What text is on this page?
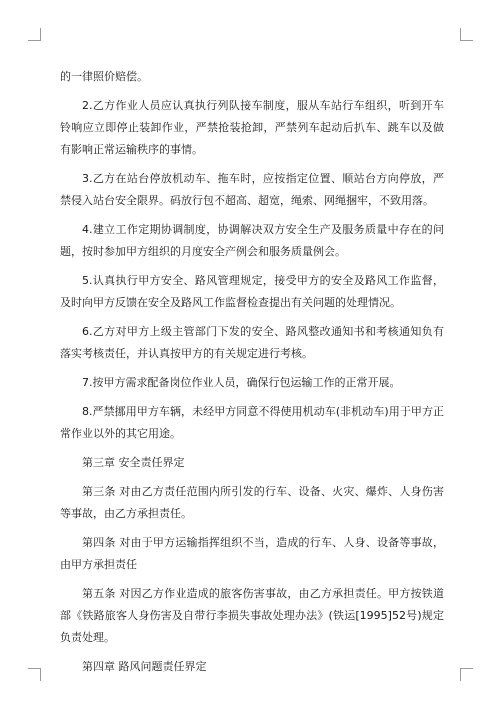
的一律照价赔偿。

2.乙方作业人员应认真执行列队接车制度，服从车站行车组织，听到开车铃响应立即停止装卸作业，严禁抢装抢卸，严禁列车起动后扒车、跳车以及做有影响正常运输秩序的事情。

3.乙方在站台停放机动车、拖车时，应按指定位置、顺站台方向停放，严禁侵入站台安全限界。码放行包不超高、超宽，绳索、网绳捆牢，不致用落。

4.建立工作定期协调制度，协调解决双方安全生产及服务质量中存在的问题，按时参加甲方组织的月度安全产例会和服务质量例会。

5.认真执行甲方安全、路风管理规定，接受甲方的安全及路风工作监督，及时向甲方反馈在安全及路风工作监督检查提出有关问题的处理情况。

6.乙方对甲方上级主管部门下发的安全、路风整改通知书和考核通知负有落实考核责任，并认真按甲方的有关规定进行考核。

7.按甲方需求配备岗位作业人员，确保行包运输工作的正常开展。

8.严禁挪用甲方车辆，未经甲方同意不得使用机动车(非机动车)用于甲方正常作业以外的其它用途。

第三章 安全责任界定

第三条 对由乙方责任范围内所引发的行车、设备、火灾、爆炸、人身伤害等事故，由乙方承担责任。

第四条 对由于甲方运输指挥组织不当，造成的行车、人身、设备等事故，由甲方承担责任

第五条 对因乙方作业造成的旅客伤害事故，由乙方承担责任。甲方按铁道部《铁路旅客人身伤害及自带行李损失事故处理办法》(铁运[1995]52号)规定负责处理。

第四章 路风问题责任界定
